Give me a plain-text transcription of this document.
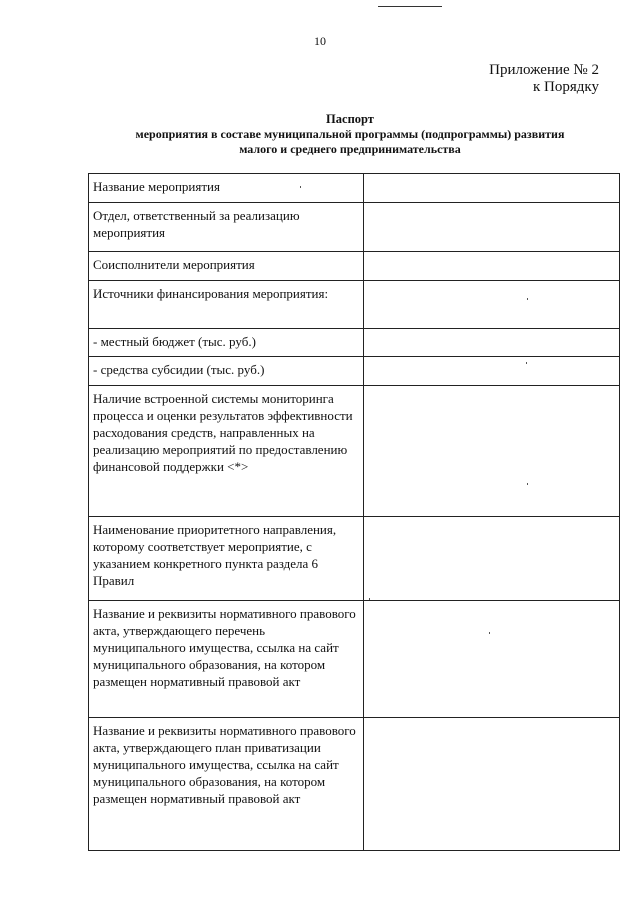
10
Приложение № 2
к Порядку
Паспорт
мероприятия в составе муниципальной программы (подпрограммы) развития
малого и среднего предпринимательства
Название мероприятия	
Отдел, ответственный за реализацию мероприятия	
Соисполнители мероприятия	
Источники финансирования мероприятия:	
- местный бюджет (тыс. руб.)	
- средства субсидии (тыс. руб.)	
Наличие встроенной системы мониторинга процесса и оценки результатов эффективности расходования средств, направленных на реализацию мероприятий по предоставлению финансовой поддержки <*>	
Наименование приоритетного направления, которому соответствует мероприятие, с указанием конкретного пункта раздела 6 Правил	
Название и реквизиты нормативного правового акта, утверждающего перечень муниципального имущества, ссылка на сайт муниципального образования, на котором размещен нормативный правовой акт	
Название и реквизиты нормативного правового акта, утверждающего план приватизации муниципального имущества, ссылка на сайт муниципального образования, на котором размещен нормативный правовой акт	
